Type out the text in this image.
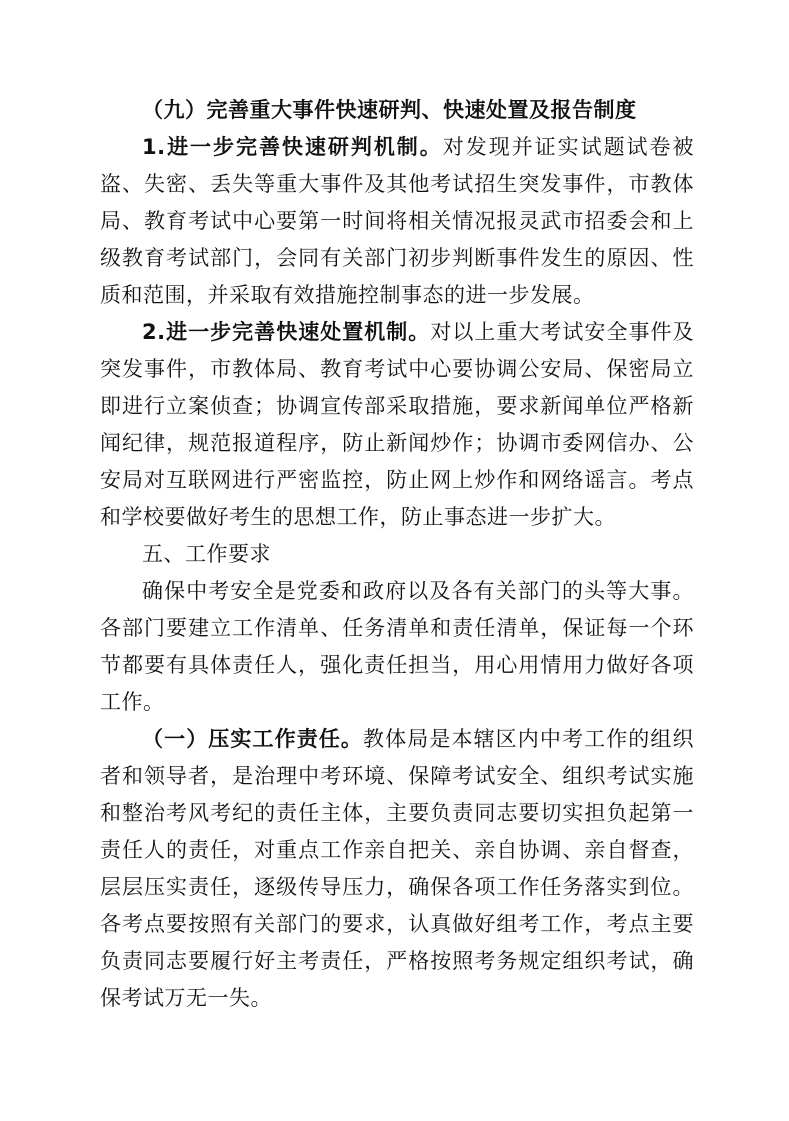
（九）完善重大事件快速研判、快速处置及报告制度

1.进一步完善快速研判机制。对发现并证实试题试卷被盗、失密、丢失等重大事件及其他考试招生突发事件，市教体局、教育考试中心要第一时间将相关情况报灵武市招委会和上级教育考试部门，会同有关部门初步判断事件发生的原因、性质和范围，并采取有效措施控制事态的进一步发展。

2.进一步完善快速处置机制。对以上重大考试安全事件及突发事件，市教体局、教育考试中心要协调公安局、保密局立即进行立案侦查；协调宣传部采取措施，要求新闻单位严格新闻纪律，规范报道程序，防止新闻炒作；协调市委网信办、公安局对互联网进行严密监控，防止网上炒作和网络谣言。考点和学校要做好考生的思想工作，防止事态进一步扩大。

五、工作要求

确保中考安全是党委和政府以及各有关部门的头等大事。各部门要建立工作清单、任务清单和责任清单，保证每一个环节都要有具体责任人，强化责任担当，用心用情用力做好各项工作。

（一）压实工作责任。教体局是本辖区内中考工作的组织者和领导者，是治理中考环境、保障考试安全、组织考试实施和整治考风考纪的责任主体，主要负责同志要切实担负起第一责任人的责任，对重点工作亲自把关、亲自协调、亲自督查，层层压实责任，逐级传导压力，确保各项工作任务落实到位。各考点要按照有关部门的要求，认真做好组考工作，考点主要负责同志要履行好主考责任，严格按照考务规定组织考试，确保考试万无一失。
